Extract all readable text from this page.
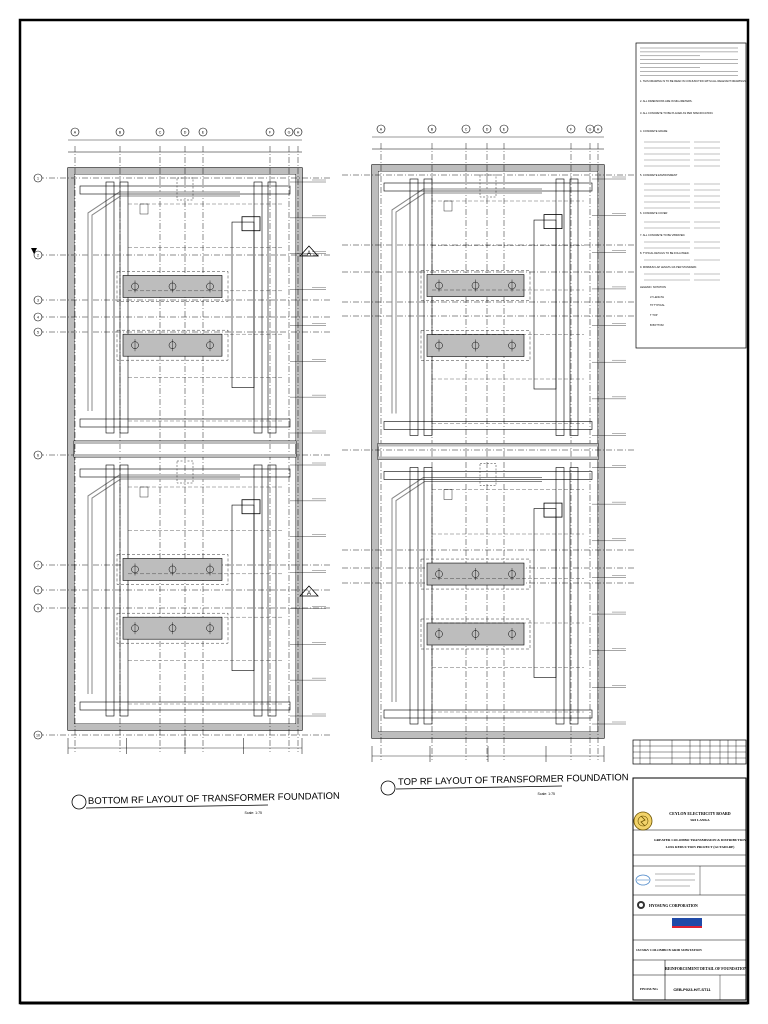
A	B	C	D	E	F	G H
1
2
3
4
5
6
7
8
9
10
A	B	C	D	E	F	G H
A
A
BOTTOM RF LAYOUT OF TRANSFORMER FOUNDATION
Scale: 1:75
TOP RF LAYOUT OF TRANSFORMER FOUNDATION
Scale: 1:75
1. THIS DRAWING IS TO BE READ IN CONJUNCTION WITH ALL RELEVANT DRAWINGS.
2. ALL DIMENSIONS ARE IN MILLIMETERS.
3. ALL CONCRETE TO BE PLACED AS PER SPECIFICATION.
4. CONCRETE GRADE
5. CONCRETE ENVIRONMENT
6. CONCRETE COVER
7. ALL CONCRETE TO BE VIBRATED.
8. TYPICAL DETAILS TO BE FOLLOWED.
9. MINIMUM LAP LENGTH AS PER STANDARD.
LEGEND / NOTATION
LT LENGTH
TP TYPICAL
T TOP
B BOTTOM
CEYLON ELECTRICITY BOARD
SRI LANKA
GREATER COLOMBO TRANSMISSION & DISTRIBUTION
LOSS REDUCTION PROJECT (GCTADLRP)
HYOSUNG CORPORATION
132/33kV COLOMBO B GRID SUBSTATION
REINFORCEMENT DETAIL OF FOUNDATION
HYOSUNG	CEB-P023-H/T-ST11
